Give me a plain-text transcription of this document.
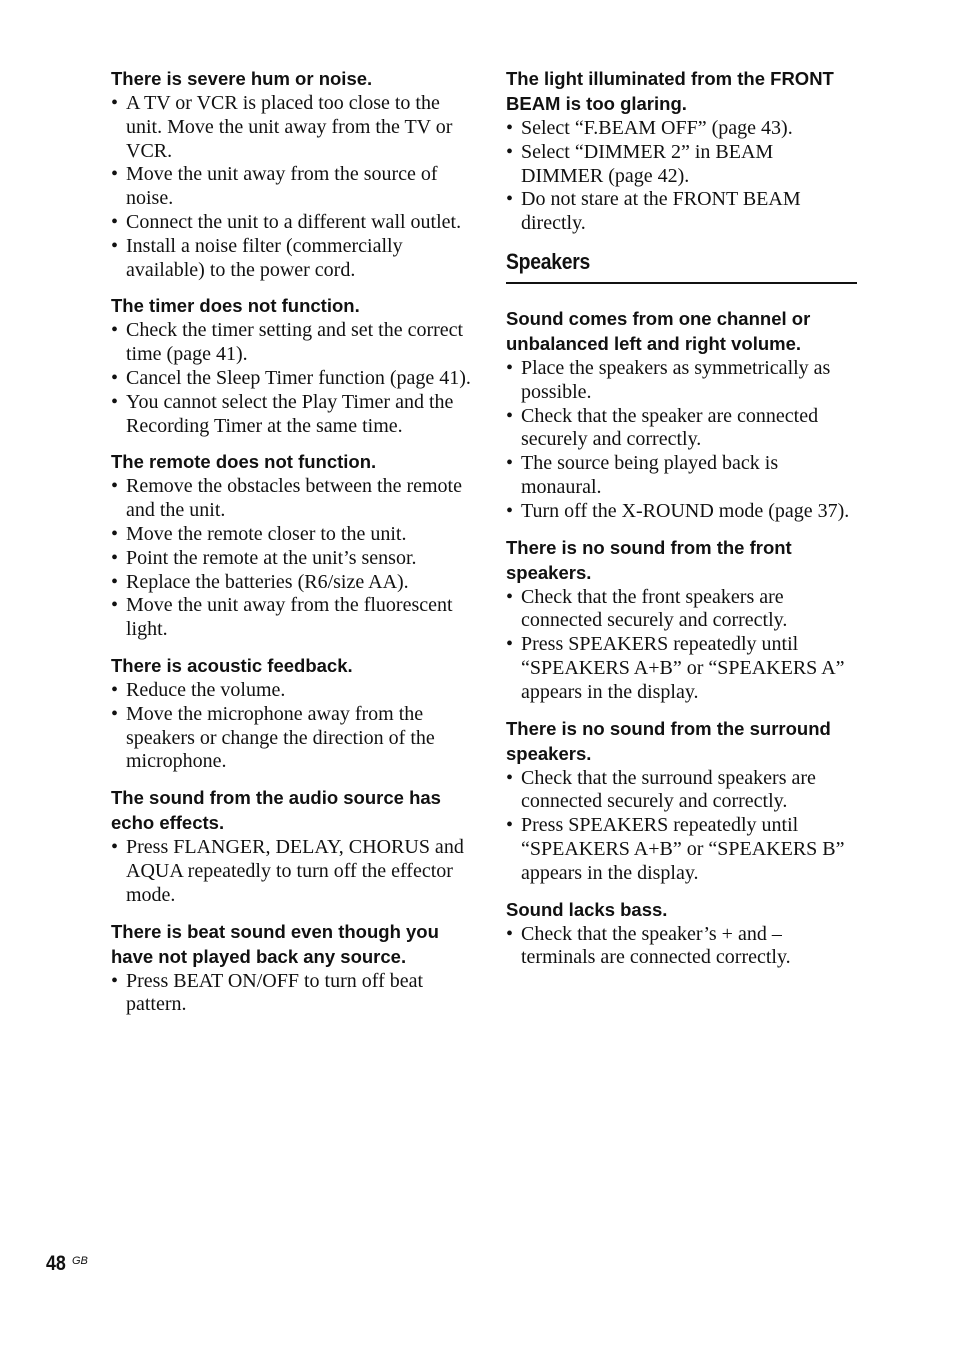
There is severe hum or noise.
• A TV or VCR is placed too close to the unit. Move the unit away from the TV or VCR.
• Move the unit away from the source of noise.
• Connect the unit to a different wall outlet.
• Install a noise filter (commercially available) to the power cord.
The timer does not function.
• Check the timer setting and set the correct time (page 41).
• Cancel the Sleep Timer function (page 41).
• You cannot select the Play Timer and the Recording Timer at the same time.
The remote does not function.
• Remove the obstacles between the remote and the unit.
• Move the remote closer to the unit.
• Point the remote at the unit’s sensor.
• Replace the batteries (R6/size AA).
• Move the unit away from the fluorescent light.
There is acoustic feedback.
• Reduce the volume.
• Move the microphone away from the speakers or change the direction of the microphone.
The sound from the audio source has echo effects.
• Press FLANGER, DELAY, CHORUS and AQUA repeatedly to turn off the effector mode.
There is beat sound even though you have not played back any source.
• Press BEAT ON/OFF to turn off beat pattern.
The light illuminated from the FRONT BEAM is too glaring.
• Select “F.BEAM OFF” (page 43).
• Select “DIMMER 2” in BEAM DIMMER (page 42).
• Do not stare at the FRONT BEAM directly.
Speakers
Sound comes from one channel or unbalanced left and right volume.
• Place the speakers as symmetrically as possible.
• Check that the speaker are connected securely and correctly.
• The source being played back is monaural.
• Turn off the X-ROUND mode (page 37).
There is no sound from the front speakers.
• Check that the front speakers are connected securely and correctly.
• Press SPEAKERS repeatedly until “SPEAKERS A+B” or “SPEAKERS A” appears in the display.
There is no sound from the surround speakers.
• Check that the surround speakers are connected securely and correctly.
• Press SPEAKERS repeatedly until “SPEAKERS A+B” or “SPEAKERS B” appears in the display.
Sound lacks bass.
• Check that the speaker’s + and – terminals are connected correctly.
48 GB
